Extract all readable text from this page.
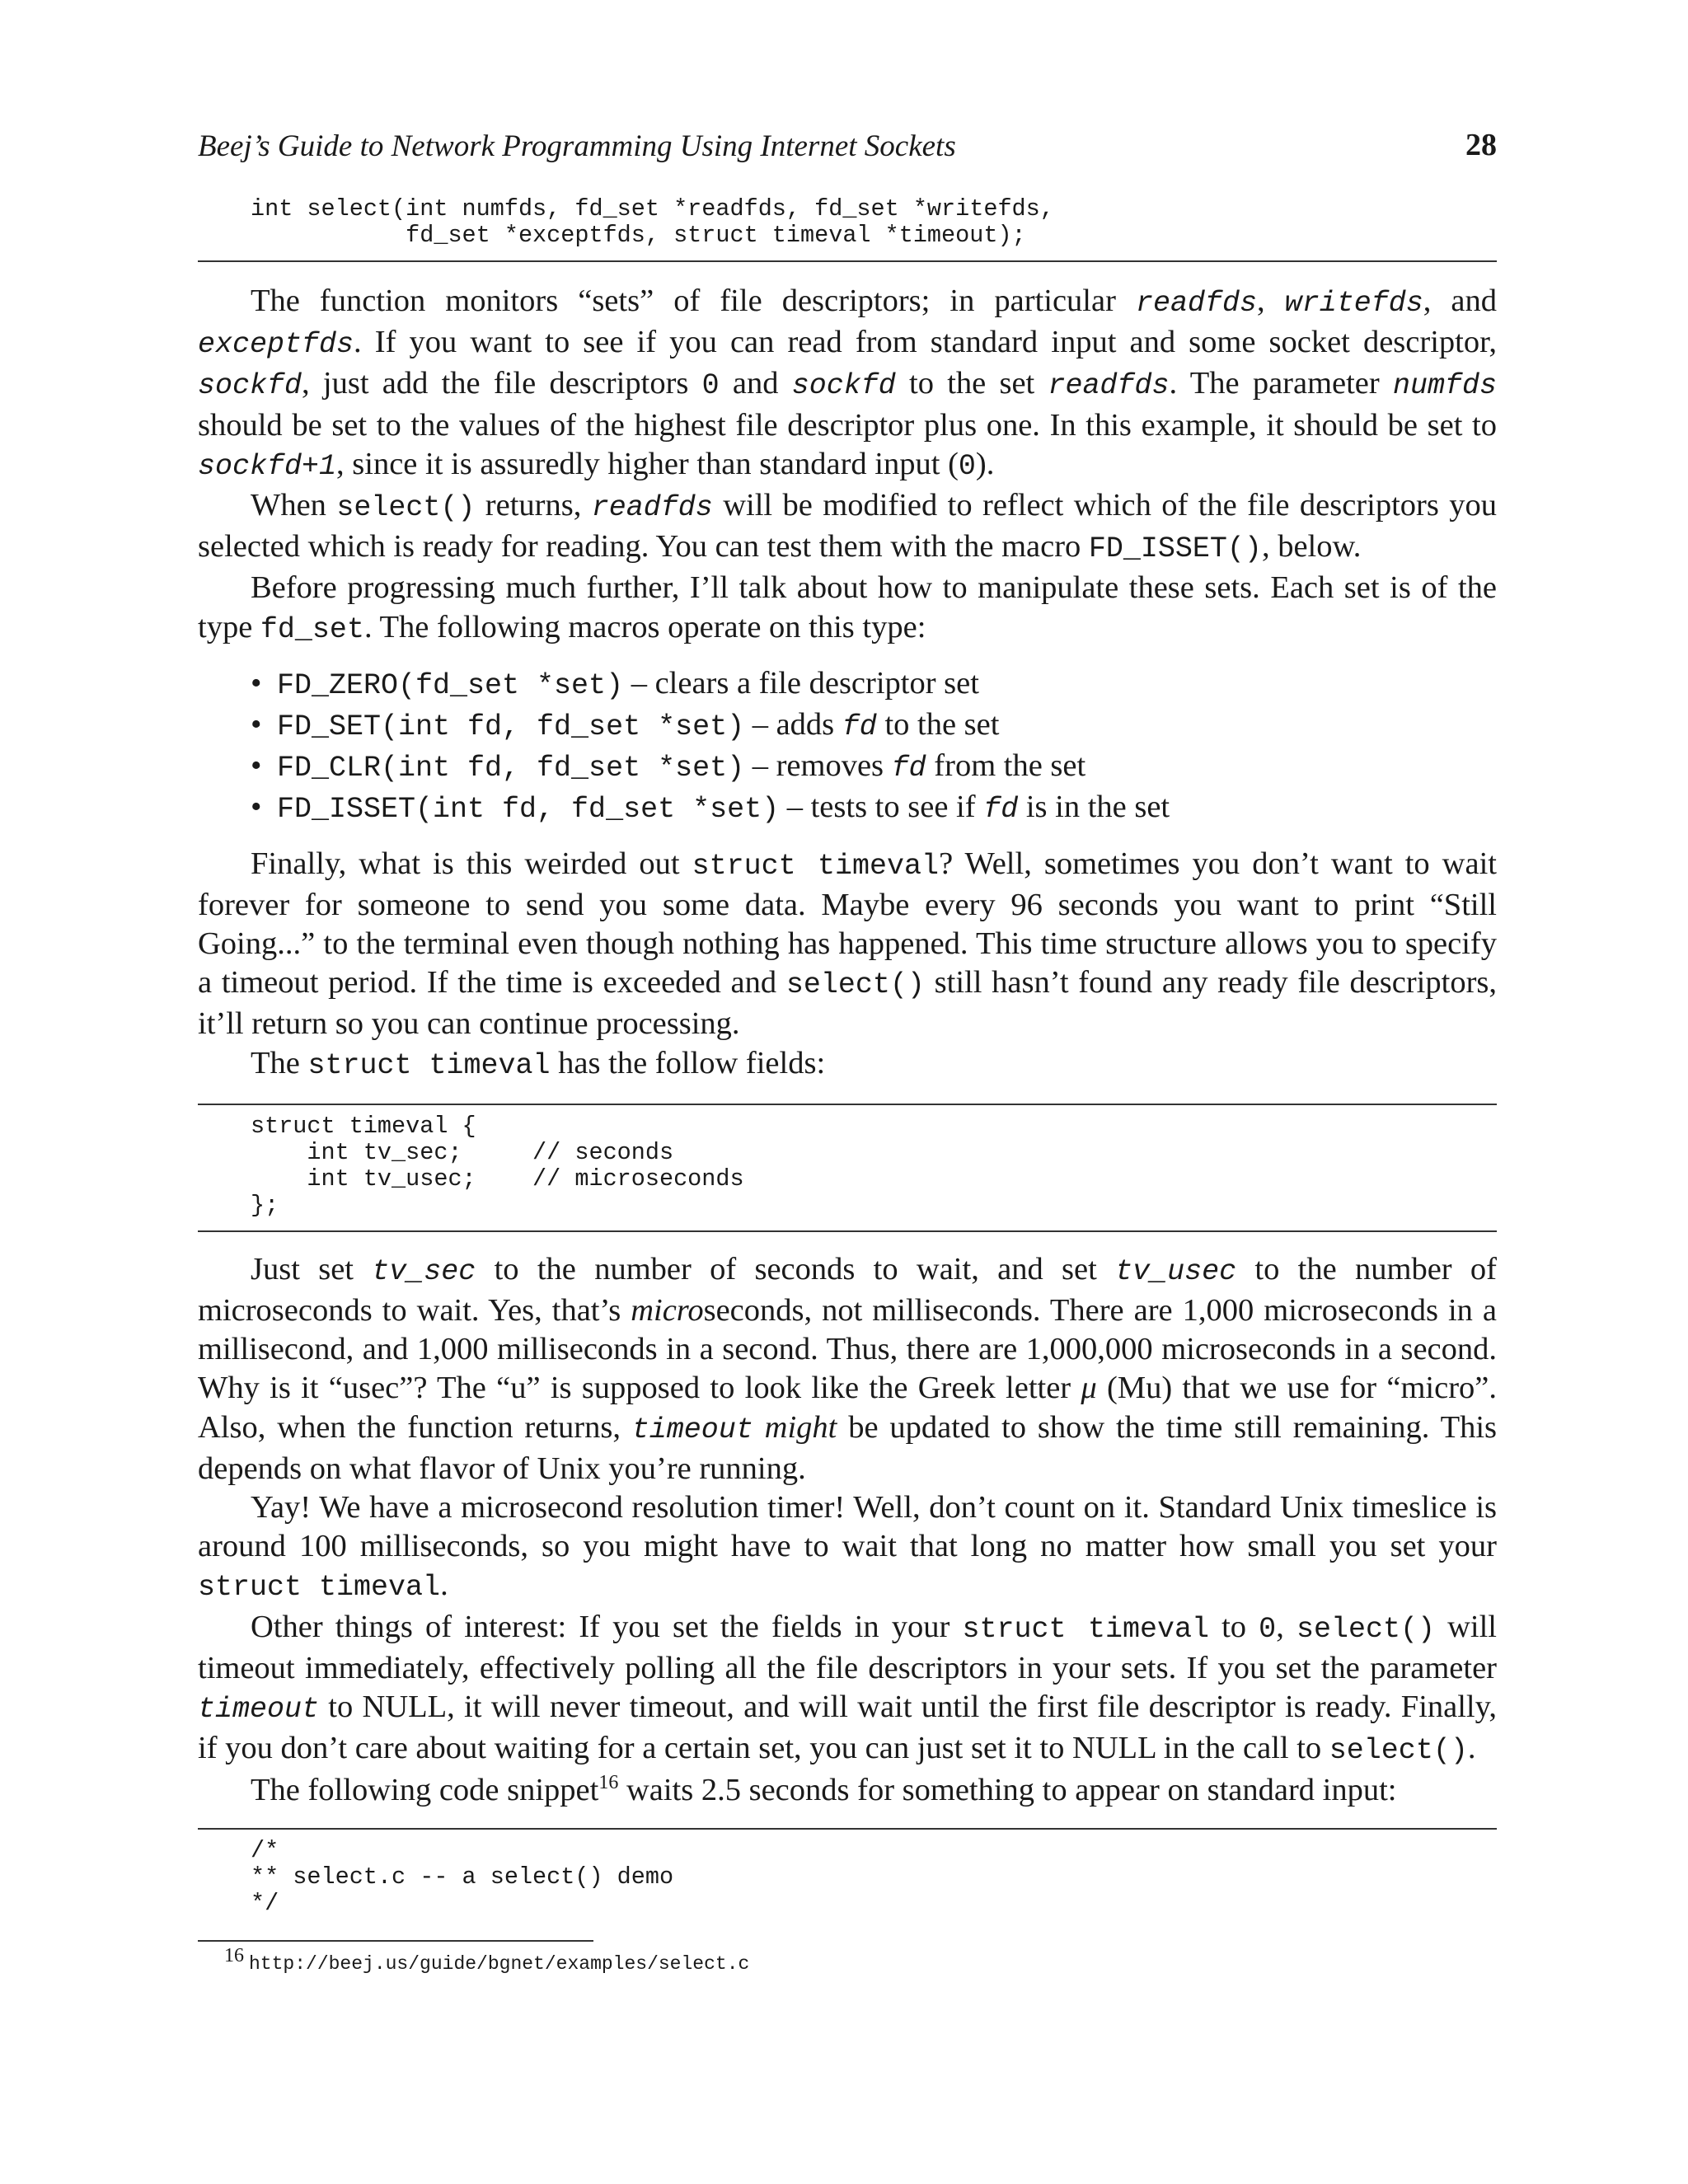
Beej’s Guide to Network Programming Using Internet Sockets	28
int select(int numfds, fd_set *readfds, fd_set *writefds,
fd_set *exceptfds, struct timeval *timeout);

The function monitors “sets” of file descriptors; in particular readfds, writefds, and exceptfds. If you want to see if you can read from standard input and some socket descriptor, sockfd, just add the file descriptors 0 and sockfd to the set readfds. The parameter numfds should be set to the values of the highest file descriptor plus one. In this example, it should be set to sockfd+1, since it is assuredly higher than standard input (0).

When select() returns, readfds will be modified to reflect which of the file descriptors you selected which is ready for reading. You can test them with the macro FD_ISSET(), below.

Before progressing much further, I’ll talk about how to manipulate these sets. Each set is of the type fd_set. The following macros operate on this type:

• FD_ZERO(fd_set *set) – clears a file descriptor set
• FD_SET(int fd, fd_set *set) – adds fd to the set
• FD_CLR(int fd, fd_set *set) – removes fd from the set
• FD_ISSET(int fd, fd_set *set) – tests to see if fd is in the set

Finally, what is this weirded out struct timeval? Well, sometimes you don’t want to wait forever for someone to send you some data. Maybe every 96 seconds you want to print “Still Going...” to the terminal even though nothing has happened. This time structure allows you to specify a timeout period. If the time is exceeded and select() still hasn’t found any ready file descriptors, it’ll return so you can continue processing.

The struct timeval has the follow fields:

struct timeval {
int tv_sec;     // seconds
int tv_usec;    // microseconds
};

Just set tv_sec to the number of seconds to wait, and set tv_usec to the number of microseconds to wait. Yes, that’s microseconds, not milliseconds. There are 1,000 microseconds in a millisecond, and 1,000 milliseconds in a second. Thus, there are 1,000,000 microseconds in a second. Why is it “usec”? The “u” is supposed to look like the Greek letter μ (Mu) that we use for “micro”. Also, when the function returns, timeout might be updated to show the time still remaining. This depends on what flavor of Unix you’re running.

Yay! We have a microsecond resolution timer! Well, don’t count on it. Standard Unix timeslice is around 100 milliseconds, so you might have to wait that long no matter how small you set your struct timeval.

Other things of interest: If you set the fields in your struct timeval to 0, select() will timeout immediately, effectively polling all the file descriptors in your sets. If you set the parameter timeout to NULL, it will never timeout, and will wait until the first file descriptor is ready. Finally, if you don’t care about waiting for a certain set, you can just set it to NULL in the call to select().

The following code snippet$^{16}$ waits 2.5 seconds for something to appear on standard input:

/*
** select.c -- a select() demo
*/
16 http://beej.us/guide/bgnet/examples/select.c
